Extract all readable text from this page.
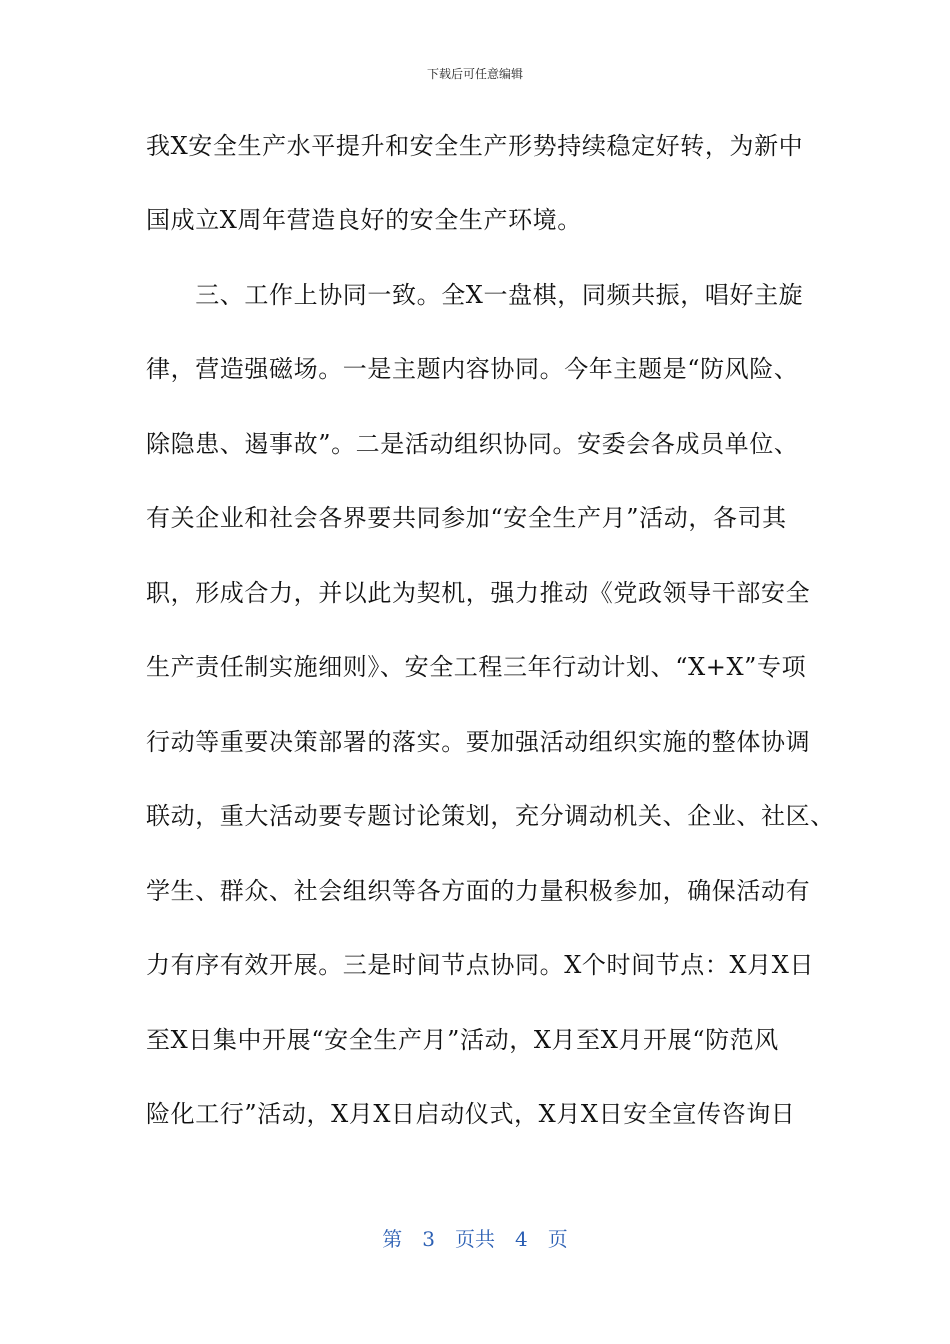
下载后可任意编辑
我X安全生产水平提升和安全生产形势持续稳定好转，为新中
国成立X周年营造良好的安全生产环境。
　　三、工作上协同一致。全X一盘棋，同频共振，唱好主旋
律，营造强磁场。一是主题内容协同。今年主题是“防风险、
除隐患、遏事故”。二是活动组织协同。安委会各成员单位、
有关企业和社会各界要共同参加“安全生产月”活动，各司其
职，形成合力，并以此为契机，强力推动《党政领导干部安全
生产责任制实施细则》、安全工程三年行动计划、“X+X”专项
行动等重要决策部署的落实。要加强活动组织实施的整体协调
联动，重大活动要专题讨论策划，充分调动机关、企业、社区、
学生、群众、社会组织等各方面的力量积极参加，确保活动有
力有序有效开展。三是时间节点协同。X个时间节点：X月X日
至X日集中开展“安全生产月”活动，X月至X月开展“防范风
险化工行”活动，X月X日启动仪式，X月X日安全宣传咨询日
第　3　页共　4　页
